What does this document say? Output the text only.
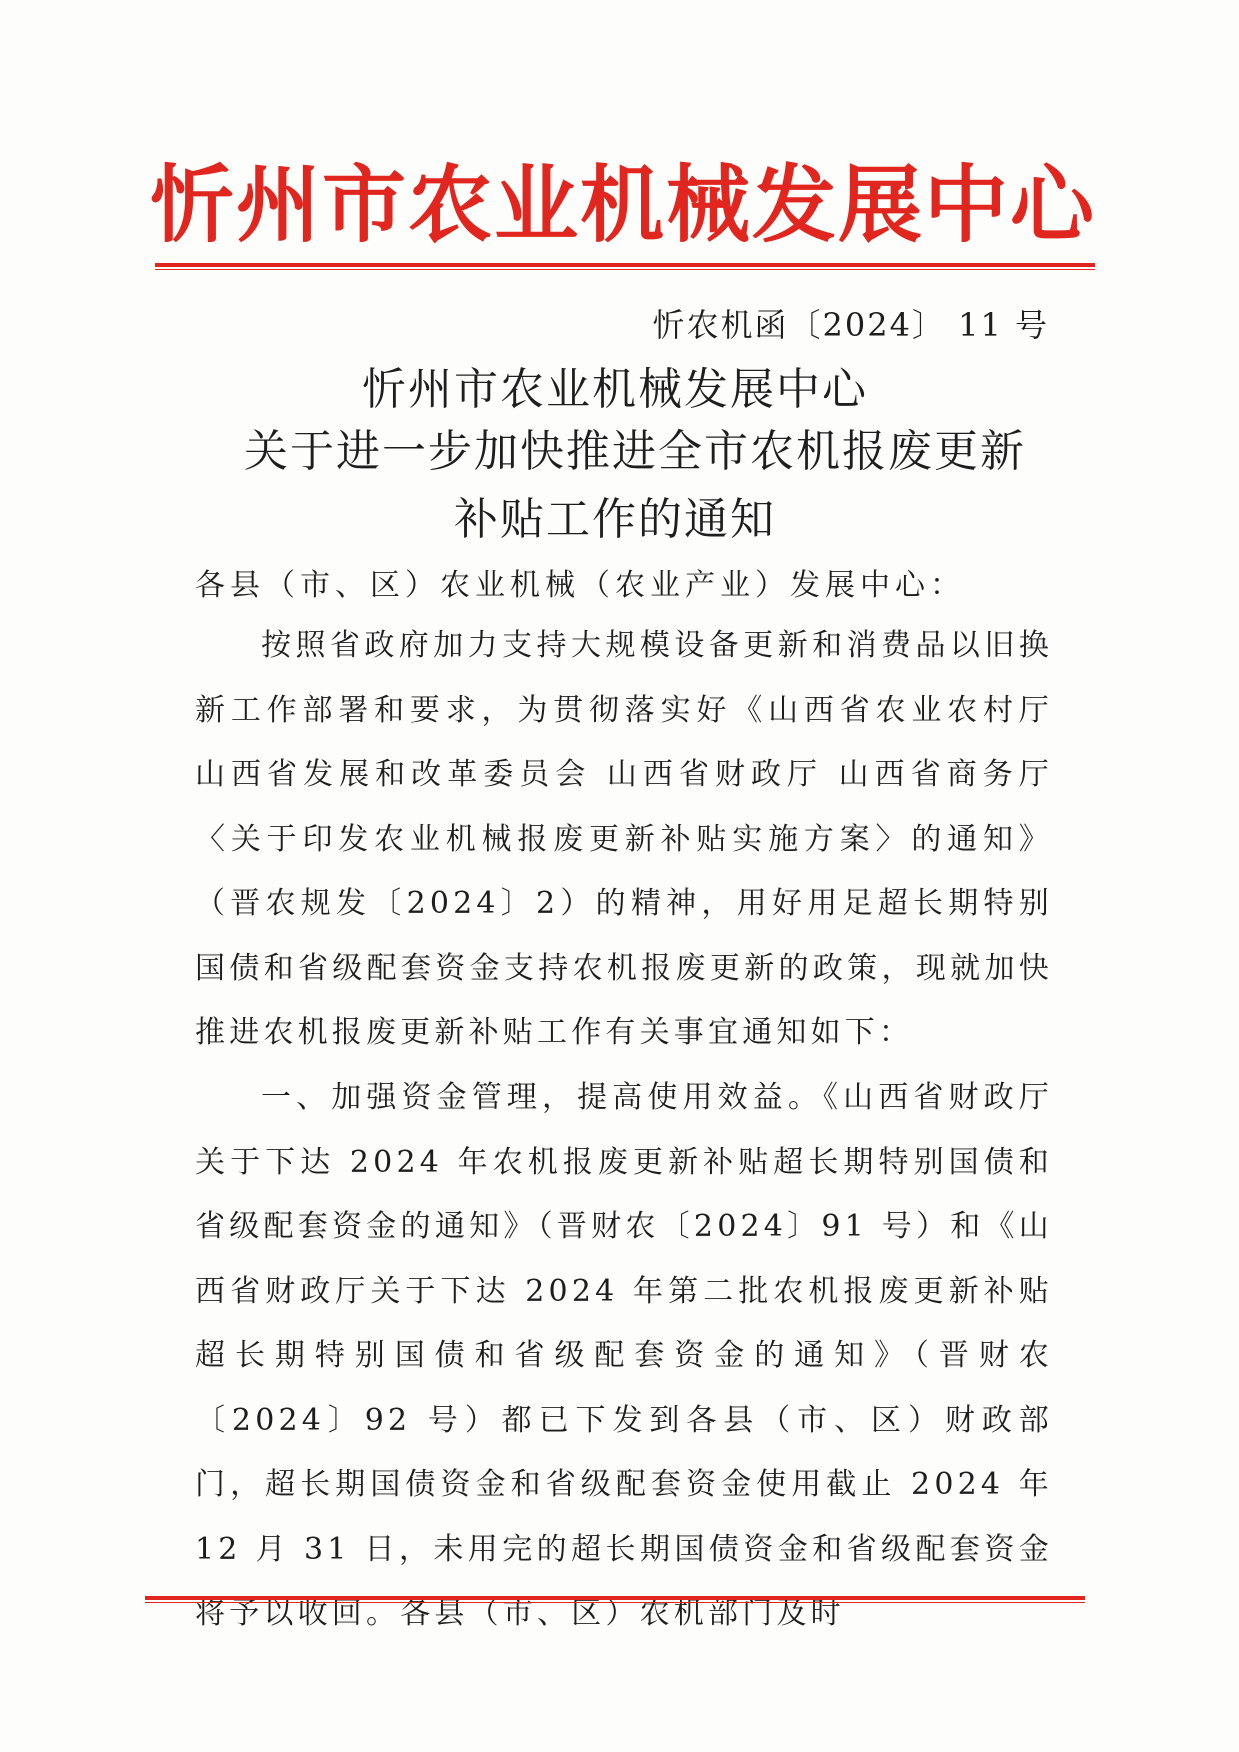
忻州市农业机械发展中心
忻农机函〔2024〕 11 号
忻州市农业机械发展中心
关于进一步加快推进全市农机报废更新
补贴工作的通知
各县（市、区）农业机械（农业产业）发展中心：

按照省政府加力支持大规模设备更新和消费品以旧换新工作部署和要求，为贯彻落实好《山西省农业农村厅 山西省发展和改革委员会 山西省财政厅 山西省商务厅〈关于印发农业机械报废更新补贴实施方案〉的通知》（晋农规发〔2024〕2）的精神，用好用足超长期特别国债和省级配套资金支持农机报废更新的政策，现就加快推进农机报废更新补贴工作有关事宜通知如下：

一、加强资金管理，提高使用效益。《山西省财政厅关于下达 2024 年农机报废更新补贴超长期特别国债和省级配套资金的通知》（晋财农〔2024〕91 号）和《山西省财政厅关于下达 2024 年第二批农机报废更新补贴超长期特别国债和省级配套资金的通知》（晋财农〔2024〕92 号）都已下发到各县（市、区）财政部门，超长期国债资金和省级配套资金使用截止 2024 年 12 月 31 日，未用完的超长期国债资金和省级配套资金将予以收回。各县（市、区）农机部门及时
